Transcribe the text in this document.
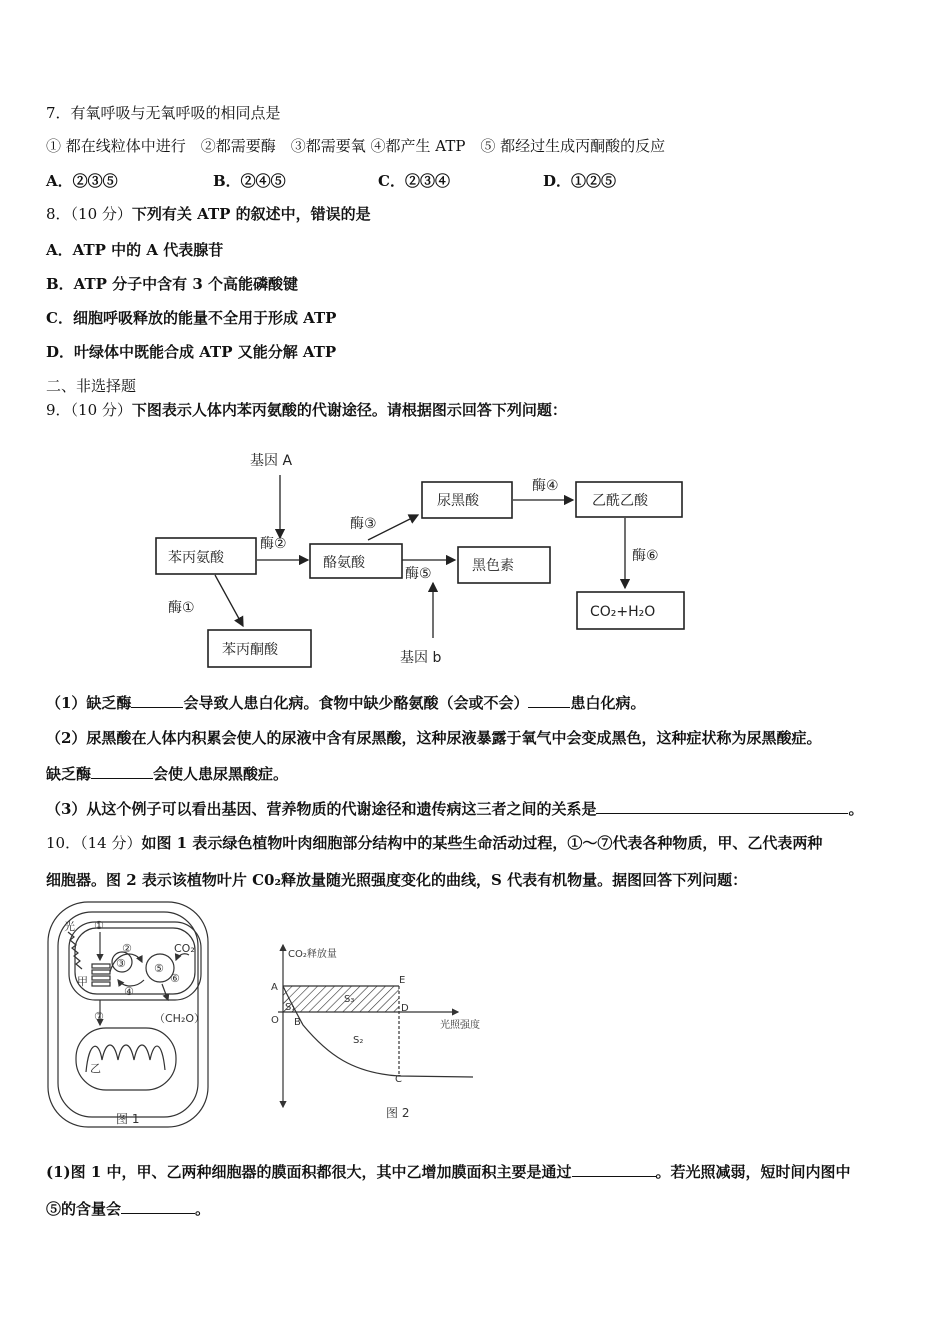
7．有氧呼吸与无氧呼吸的相同点是
① 都在线粒体中进行　②都需要酶　③都需要氧 ④都产生 ATP　⑤ 都经过生成丙酮酸的反应
A．②③⑤	B．②④⑤	C．②③④	D．①②⑤
8．（10 分）下列有关 ATP 的叙述中，错误的是
A．ATP 中的 A 代表腺苷
B．ATP 分子中含有 3 个高能磷酸键
C．细胞呼吸释放的能量不全用于形成 ATP
D．叶绿体中既能合成 ATP 又能分解 ATP
二、非选择题
9．（10 分）下图表示人体内苯丙氨酸的代谢途径。请根据图示回答下列问题：
基因 A
基因 b
苯丙氨酸	酪氨酸
苯丙酮酸
尿黑酸
黑色素
乙酰乙酸
CO₂+H₂O
酶①
酶②
酶③
酶④
酶⑤
酶⑥
（1）缺乏酶	会导致人患白化病。食物中缺少酪氨酸（会或不会）	患白化病。
（2）尿黑酸在人体内积累会使人的尿液中含有尿黑酸，这种尿液暴露于氧气中会变成黑色，这种症状称为尿黑酸症。
缺乏酶	会使人患尿黑酸症。
（3）从这个例子可以看出基因、营养物质的代谢途径和遗传病这三者之间的关系是	。
10．（14 分）如图 1 表示绿色植物叶肉细胞部分结构中的某些生命活动过程，①〜⑦代表各种物质，甲、乙代表两种
细胞器。图 2 表示该植物叶片 C0₂释放量随光照强度变化的曲线，S 代表有机物量。据图回答下列问题：
光
CO₂
甲
乙
（CH₂O）
①
②
③
④
⑤
⑥
⑦
图 1
CO₂释放量
光照强度
A
O B
C
D
E
S₁
S₂
S₃
图 2
(1)图 1 中，甲、乙两种细胞器的膜面积都很大，其中乙增加膜面积主要是通过	。若光照减弱，短时间内图中
⑤的含量会	。
